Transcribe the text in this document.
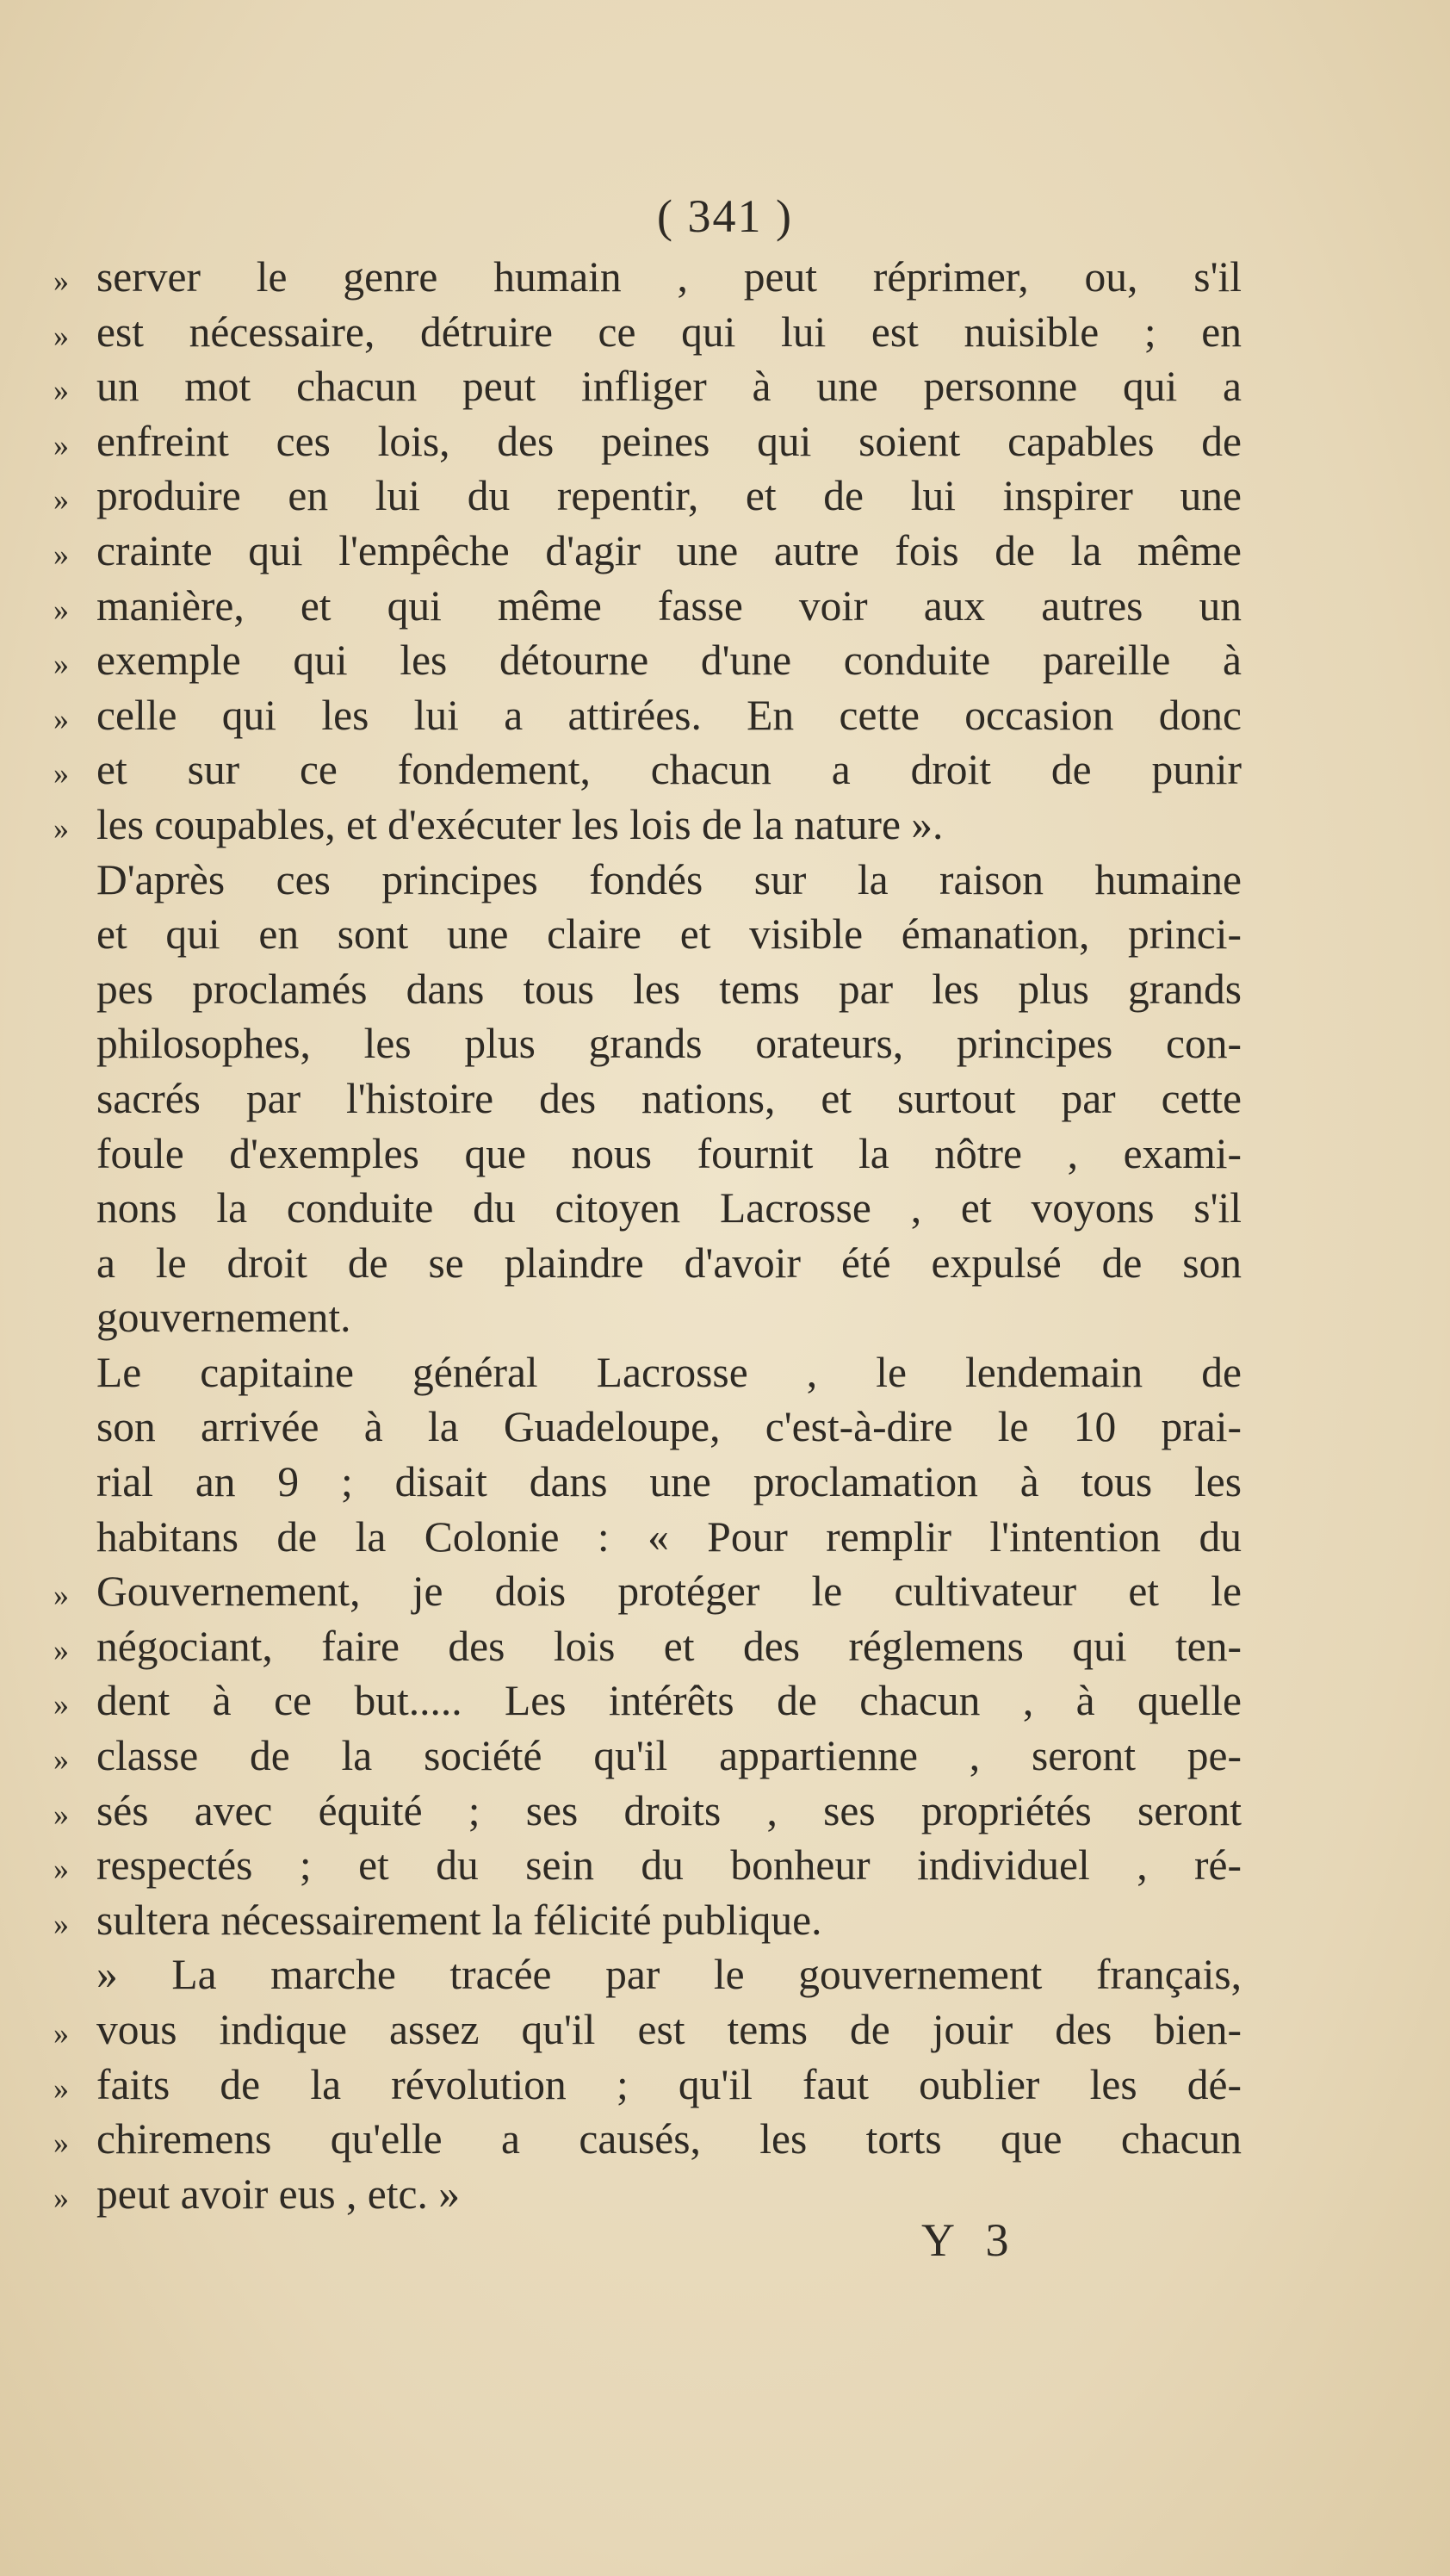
( 341 )
» server le genre humain , peut réprimer, ou, s'il
» est nécessaire, détruire ce qui lui est nuisible ; en
» un mot chacun peut infliger à une personne qui a
» enfreint ces lois, des peines qui soient capables de
» produire en lui du repentir, et de lui inspirer une
» crainte qui l'empêche d'agir une autre fois de la même
» manière, et qui même fasse voir aux autres un
» exemple qui les détourne d'une conduite pareille à
» celle qui les lui a attirées. En cette occasion donc
» et sur ce fondement, chacun a droit de punir
» les coupables, et d'exécuter les lois de la nature ».
D'après ces principes fondés sur la raison humaine
et qui en sont une claire et visible émanation, princi-
pes proclamés dans tous les tems par les plus grands
philosophes, les plus grands orateurs, principes con-
sacrés par l'histoire des nations, et surtout par cette
foule d'exemples que nous fournit la nôtre , exami-
nons la conduite du citoyen Lacrosse , et voyons s'il
a le droit de se plaindre d'avoir été expulsé de son
gouvernement.
Le capitaine général Lacrosse , le lendemain de
son arrivée à la Guadeloupe, c'est-à-dire le 10 prai-
rial an 9 ; disait dans une proclamation à tous les
habitans de la Colonie : « Pour remplir l'intention du
» Gouvernement, je dois protéger le cultivateur et le
» négociant, faire des lois et des réglemens qui ten-
» dent à ce but..... Les intérêts de chacun , à quelle
» classe de la société qu'il appartienne , seront pe-
» sés avec équité ; ses droits , ses propriétés seront
» respectés ; et du sein du bonheur individuel , ré-
» sultera nécessairement la félicité publique.
» La marche tracée par le gouvernement français,
» vous indique assez qu'il est tems de jouir des bien-
» faits de la révolution ; qu'il faut oublier les dé-
» chiremens qu'elle a causés, les torts que chacun
» peut avoir eus , etc. »
Y 3
